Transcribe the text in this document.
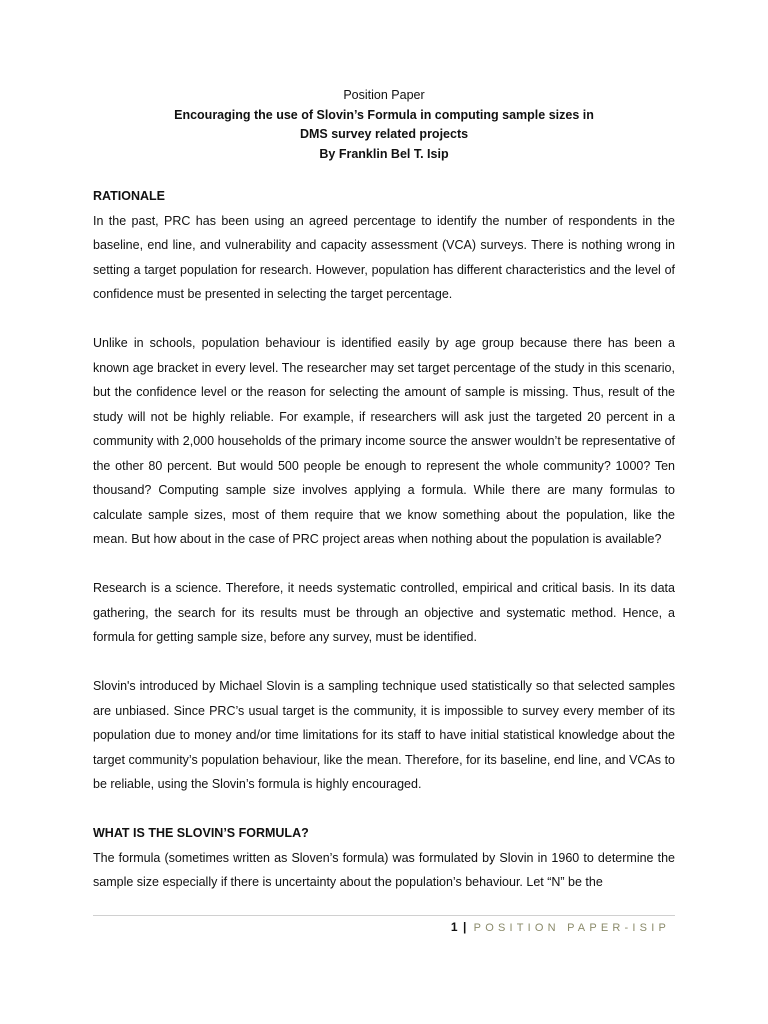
Position Paper
Encouraging the use of Slovin’s Formula in computing sample sizes in
DMS survey related projects
By Franklin Bel T. Isip

RATIONALE

In the past, PRC has been using an agreed percentage to identify the number of respondents in the baseline, end line, and vulnerability and capacity assessment (VCA) surveys. There is nothing wrong in setting a target population for research. However, population has different characteristics and the level of confidence must be presented in selecting the target percentage.

Unlike in schools, population behaviour is identified easily by age group because there has been a known age bracket in every level. The researcher may set target percentage of the study in this scenario, but the confidence level or the reason for selecting the amount of sample is missing. Thus, result of the study will not be highly reliable. For example, if researchers will ask just the targeted 20 percent in a community with 2,000 households of the primary income source the answer wouldn’t be representative of the other 80 percent. But would 500 people be enough to represent the whole community? 1000? Ten thousand? Computing sample size involves applying a formula. While there are many formulas to calculate sample sizes, most of them require that we know something about the population, like the mean. But how about in the case of PRC project areas when nothing about the population is available?

Research is a science. Therefore, it needs systematic controlled, empirical and critical basis. In its data gathering, the search for its results must be through an objective and systematic method. Hence, a formula for getting sample size, before any survey, must be identified.

Slovin's introduced by Michael Slovin is a sampling technique used statistically so that selected samples are unbiased. Since PRC’s usual target is the community, it is impossible to survey every member of its population due to money and/or time limitations for its staff to have initial statistical knowledge about the target community’s population behaviour, like the mean. Therefore, for its baseline, end line, and VCAs to be reliable, using the Slovin’s formula is highly encouraged.

WHAT IS THE SLOVIN’S FORMULA?

The formula (sometimes written as Sloven’s formula) was formulated by Slovin in 1960 to determine the sample size especially if there is uncertainty about the population’s behaviour. Let “N” be the

1 | POSITION PAPER-ISIP
